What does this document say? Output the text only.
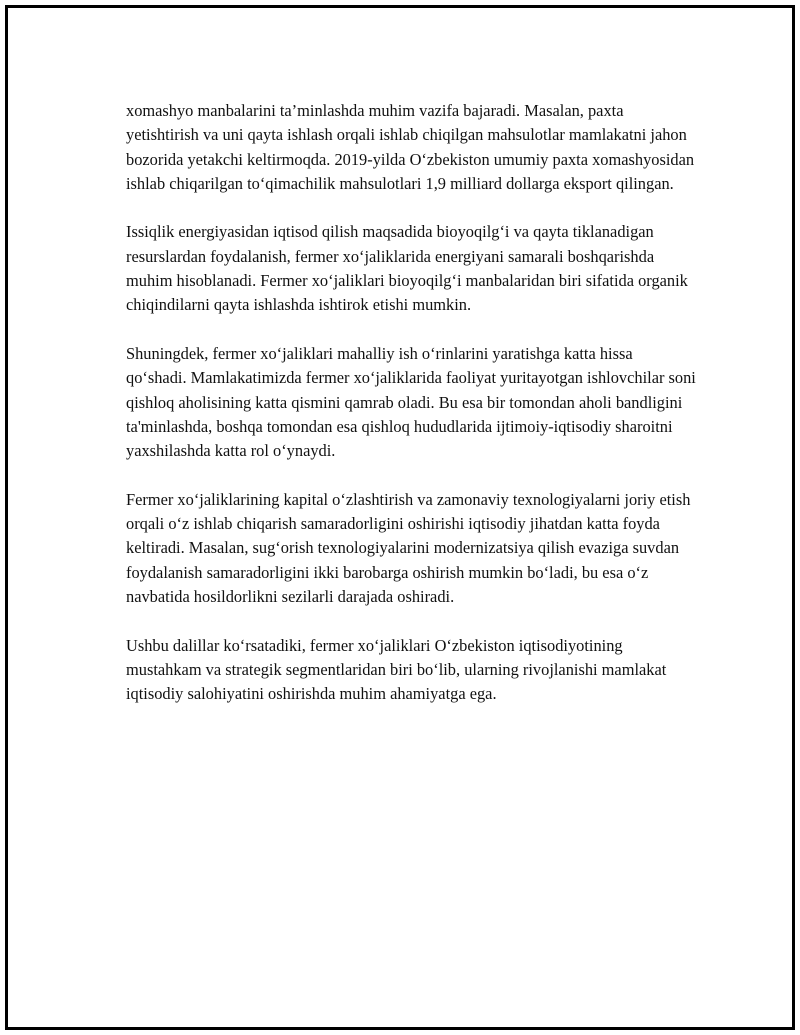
xomashyo manbalarini ta’minlashda muhim vazifa bajaradi. Masalan, paxta yetishtirish va uni qayta ishlash orqali ishlab chiqilgan mahsulotlar mamlakatni jahon bozorida yetakchi keltirmoqda. 2019-yilda O‘zbekiston umumiy paxta xomashyosidan ishlab chiqarilgan to‘qimachilik mahsulotlari 1,9 milliard dollarga eksport qilingan.

Issiqlik energiyasidan iqtisod qilish maqsadida bioyoqilg‘i va qayta tiklanadigan resurslardan foydalanish, fermer xo‘jaliklarida energiyani samarali boshqarishda muhim hisoblanadi. Fermer xo‘jaliklari bioyoqilg‘i manbalaridan biri sifatida organik chiqindilarni qayta ishlashda ishtirok etishi mumkin.

Shuningdek, fermer xo‘jaliklari mahalliy ish o‘rinlarini yaratishga katta hissa qo‘shadi. Mamlakatimizda fermer xo‘jaliklarida faoliyat yuritayotgan ishlovchilar soni qishloq aholisining katta qismini qamrab oladi. Bu esa bir tomondan aholi bandligini ta'minlashda, boshqa tomondan esa qishloq hududlarida ijtimoiy-iqtisodiy sharoitni yaxshilashda katta rol o‘ynaydi.

Fermer xo‘jaliklarining kapital o‘zlashtirish va zamonaviy texnologiyalarni joriy etish orqali o‘z ishlab chiqarish samaradorligini oshirishi iqtisodiy jihatdan katta foyda keltiradi. Masalan, sug‘orish texnologiyalarini modernizatsiya qilish evaziga suvdan foydalanish samaradorligini ikki barobarga oshirish mumkin bo‘ladi, bu esa o‘z navbatida hosildorlikni sezilarli darajada oshiradi.

Ushbu dalillar ko‘rsatadiki, fermer xo‘jaliklari O‘zbekiston iqtisodiyotining mustahkam va strategik segmentlaridan biri bo‘lib, ularning rivojlanishi mamlakat iqtisodiy salohiyatini oshirishda muhim ahamiyatga ega.
